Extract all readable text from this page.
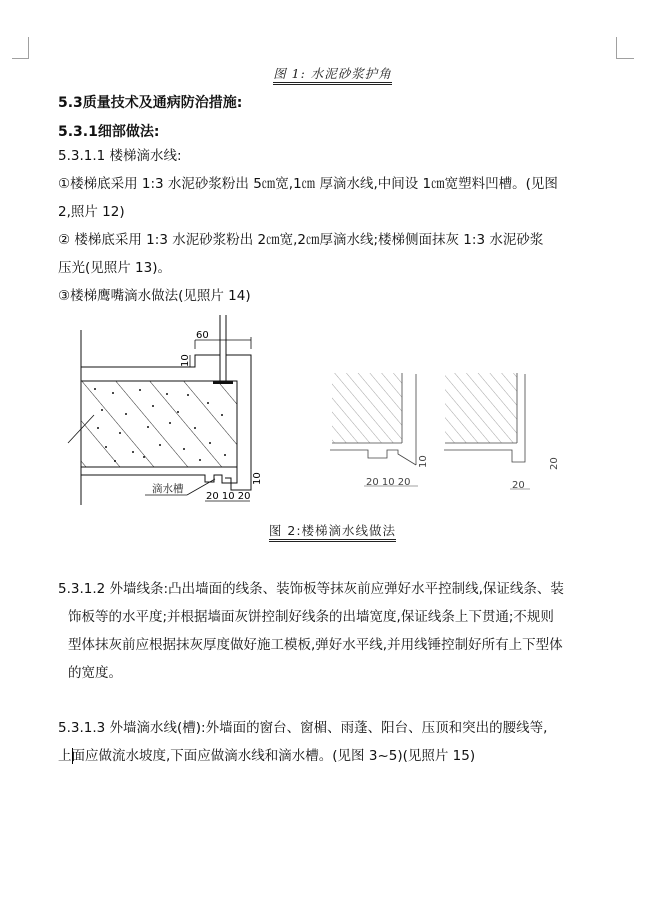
图 1: 水泥砂浆护角
5.3质量技术及通病防治措施:
5.3.1细部做法:
5.3.1.1 楼梯滴水线:
①楼梯底采用 1:3 水泥砂浆粉出 5㎝宽,1㎝ 厚滴水线,中间设 1㎝宽塑料凹槽。(见图
2,照片 12)
② 楼梯底采用 1:3 水泥砂浆粉出 2㎝宽,2㎝厚滴水线;楼梯侧面抹灰 1:3 水泥砂浆
压光(见照片 13)。
③楼梯鹰嘴滴水做法(见照片 14)
60
10
10
滴水槽
20 10 20
10
20 10 20
20
20
图 2:楼梯滴水线做法
5.3.1.2 外墙线条:凸出墙面的线条、装饰板等抹灰前应弹好水平控制线,保证线条、装
饰板等的水平度;并根据墙面灰饼控制好线条的出墙宽度,保证线条上下贯通;不规则
型体抹灰前应根据抹灰厚度做好施工模板,弹好水平线,并用线锤控制好所有上下型体
的宽度。
5.3.1.3 外墙滴水线(槽):外墙面的窗台、窗楣、雨蓬、阳台、压顶和突出的腰线等,
上面应做流水坡度,下面应做滴水线和滴水槽。(见图 3~5)(见照片 15)
